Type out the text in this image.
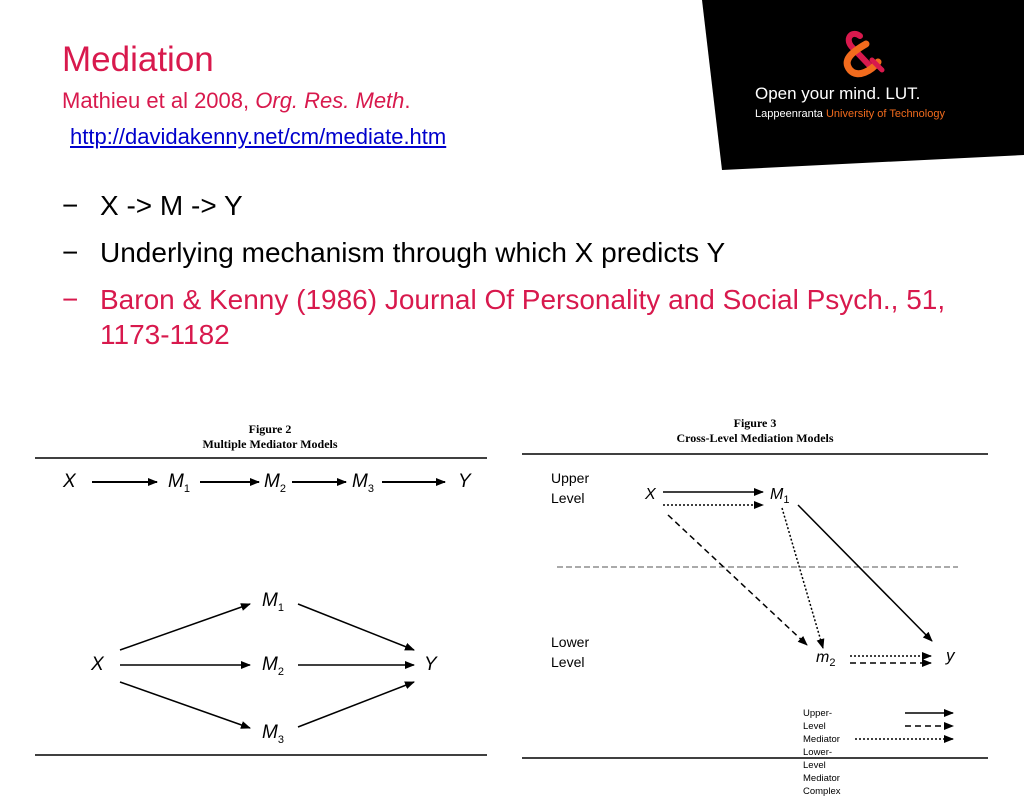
Mediation
Mathieu et al 2008, Org. Res. Meth.
http://davidakenny.net/cm/mediate.htm
Open your mind. LUT.
Lappeenranta University of Technology
− X -> M -> Y
− Underlying mechanism through which X predicts Y
− Baron & Kenny (1986) Journal Of Personality and Social Psych., 51, 1173-1182
Figure 2
Multiple Mediator Models
X	$M_1$	$M_2$	$M_3$	Y
X
$M_1$
$M_2$
$M_3$
Y
Figure 3
Cross-Level Mediation Models
Upper
Level
Lower
Level
X	$M_1$
$m_2$	y
Upper-Level Mediator
Lower-Level Mediator
Complex
